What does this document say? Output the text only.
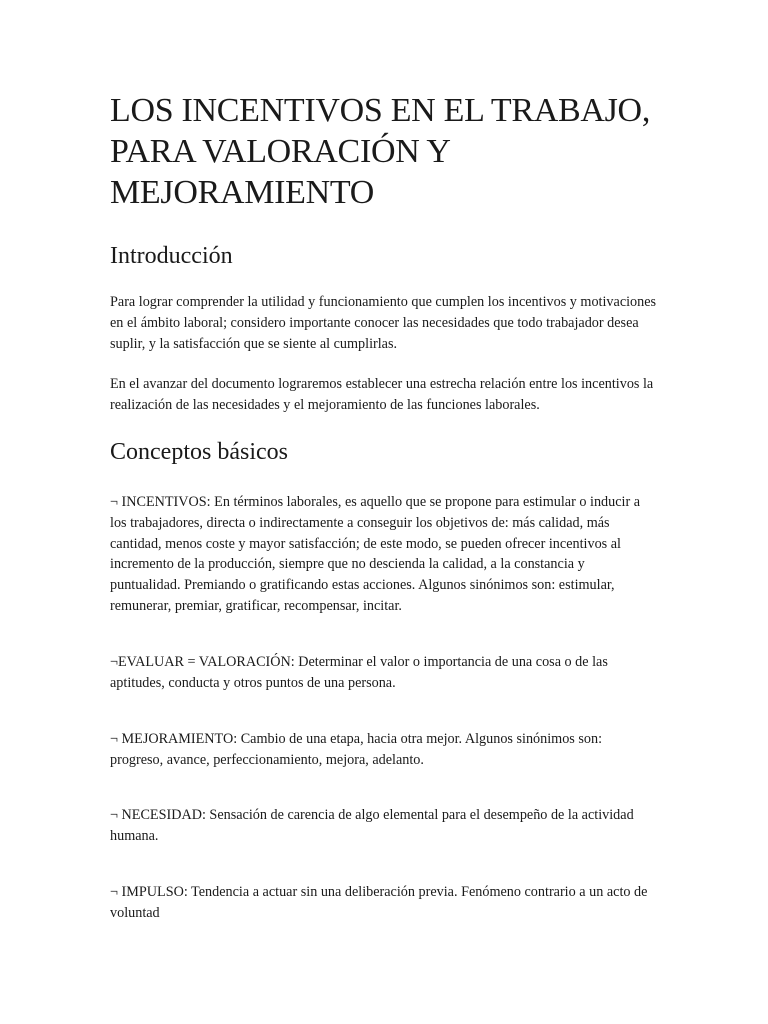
LOS INCENTIVOS EN EL TRABAJO, PARA VALORACIÓN Y MEJORAMIENTO
Introducción

Para lograr comprender la utilidad y funcionamiento que cumplen los incentivos y motivaciones en el ámbito laboral; considero importante conocer las necesidades que todo trabajador desea suplir, y la satisfacción que se siente al cumplirlas.

En el avanzar del documento lograremos establecer una estrecha relación entre los incentivos la realización de las necesidades y el mejoramiento de las funciones laborales.

Conceptos básicos

¬ INCENTIVOS: En términos laborales, es aquello que se propone para estimular o inducir a los trabajadores, directa o indirectamente a conseguir los objetivos de: más calidad, más cantidad, menos coste y mayor satisfacción; de este modo, se pueden ofrecer incentivos al incremento de la producción, siempre que no descienda la calidad, a la constancia y puntualidad. Premiando o gratificando estas acciones. Algunos sinónimos son: estimular, remunerar, premiar, gratificar, recompensar, incitar.

¬EVALUAR = VALORACIÓN: Determinar el valor o importancia de una cosa o de las aptitudes, conducta y otros puntos de una persona.

¬ MEJORAMIENTO: Cambio de una etapa, hacia otra mejor. Algunos sinónimos son: progreso, avance, perfeccionamiento, mejora, adelanto.

¬ NECESIDAD: Sensación de carencia de algo elemental para el desempeño de la actividad humana.

¬ IMPULSO: Tendencia a actuar sin una deliberación previa. Fenómeno contrario a un acto de voluntad
